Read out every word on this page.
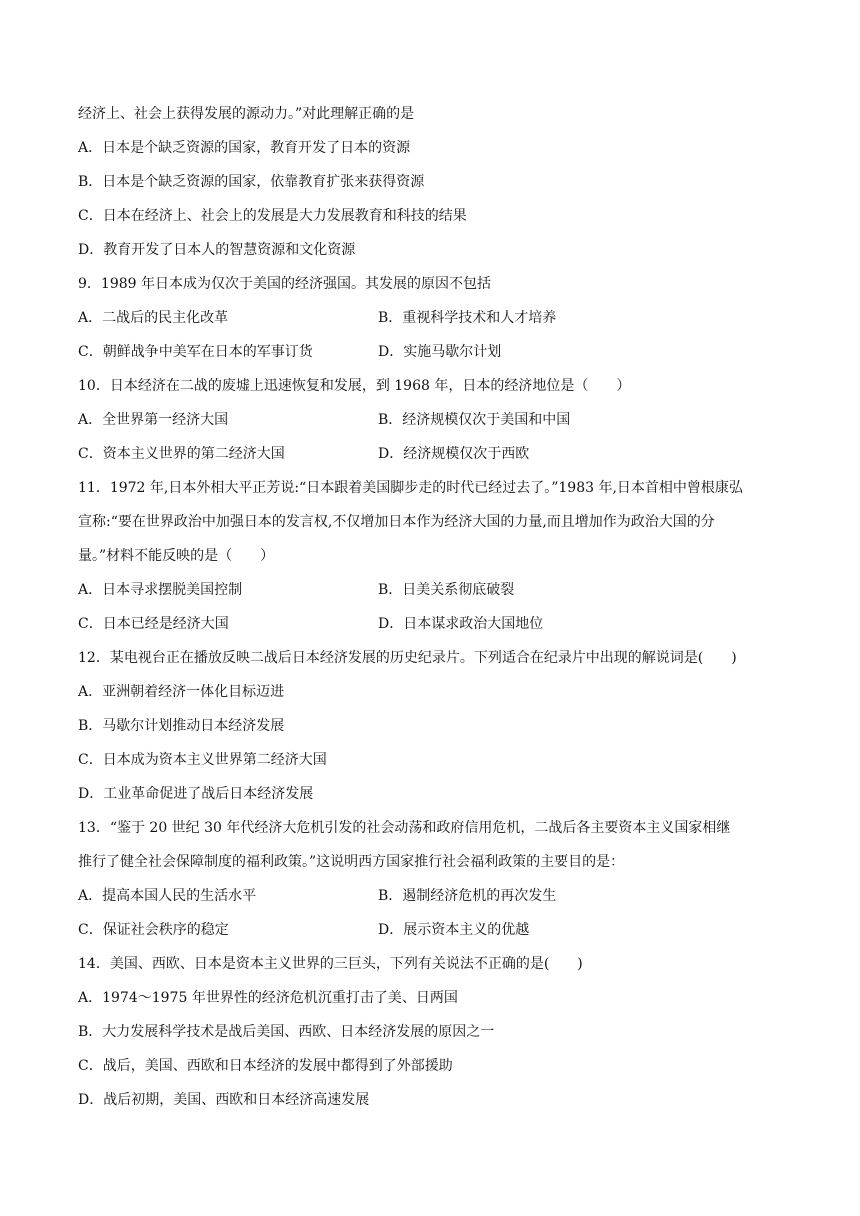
经济上、社会上获得发展的源动力。”对此理解正确的是
A．日本是个缺乏资源的国家，教育开发了日本的资源
B．日本是个缺乏资源的国家，依靠教育扩张来获得资源
C．日本在经济上、社会上的发展是大力发展教育和科技的结果
D．教育开发了日本人的智慧资源和文化资源
9．1989 年日本成为仅次于美国的经济强国。其发展的原因不包括
A．二战后的民主化改革	B．重视科学技术和人才培养
C．朝鲜战争中美军在日本的军事订货	D．实施马歇尔计划
10．日本经济在二战的废墟上迅速恢复和发展，到 1968 年，日本的经济地位是（　　）
A．全世界第一经济大国	B．经济规模仅次于美国和中国
C．资本主义世界的第二经济大国	D．经济规模仅次于西欧
11．1972 年,日本外相大平正芳说:“日本跟着美国脚步走的时代已经过去了。”1983 年,日本首相中曾根康弘
宣称:“要在世界政治中加强日本的发言权,不仅增加日本作为经济大国的力量,而且增加作为政治大国的分
量。”材料不能反映的是（　　）
A．日本寻求摆脱美国控制	B．日美关系彻底破裂
C．日本已经是经济大国	D．日本谋求政治大国地位
12．某电视台正在播放反映二战后日本经济发展的历史纪录片。下列适合在纪录片中出现的解说词是(　　)
A．亚洲朝着经济一体化目标迈进
B．马歇尔计划推动日本经济发展
C．日本成为资本主义世界第二经济大国
D．工业革命促进了战后日本经济发展
13．“鉴于 20 世纪 30 年代经济大危机引发的社会动荡和政府信用危机，二战后各主要资本主义国家相继
推行了健全社会保障制度的福利政策。”这说明西方国家推行社会福利政策的主要目的是：
A．提高本国人民的生活水平	B．遏制经济危机的再次发生
C．保证社会秩序的稳定	D．展示资本主义的优越
14．美国、西欧、日本是资本主义世界的三巨头，下列有关说法不正确的是(　　)
A．1974～1975 年世界性的经济危机沉重打击了美、日两国
B．大力发展科学技术是战后美国、西欧、日本经济发展的原因之一
C．战后，美国、西欧和日本经济的发展中都得到了外部援助
D．战后初期，美国、西欧和日本经济高速发展
